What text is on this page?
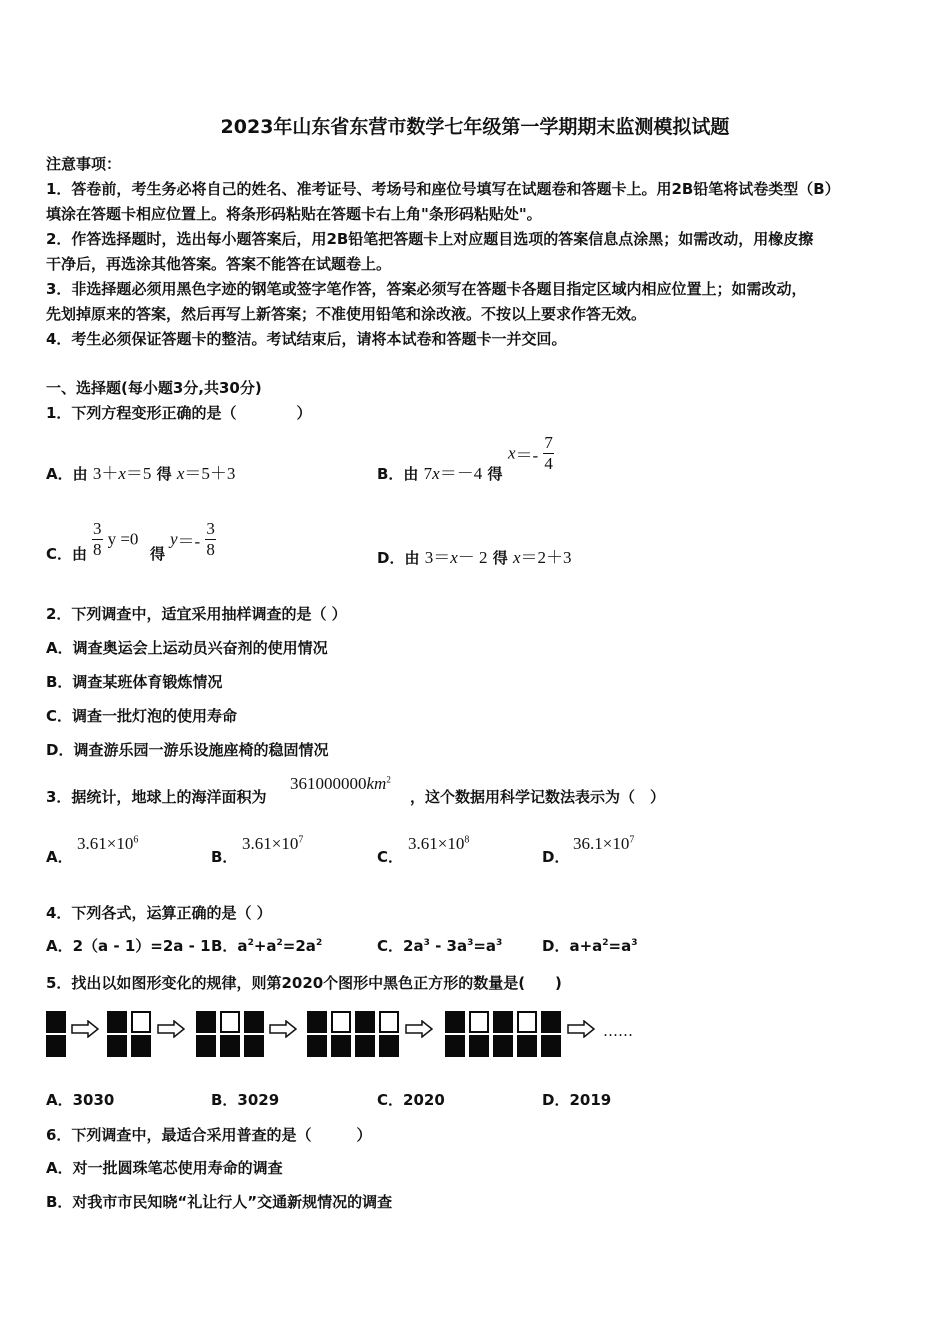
2023年山东省东营市数学七年级第一学期期末监测模拟试题
注意事项：
1．答卷前，考生务必将自己的姓名、准考证号、考场号和座位号填写在试题卷和答题卡上。用2B铅笔将试卷类型（B）
填涂在答题卡相应位置上。将条形码粘贴在答题卡右上角"条形码粘贴处"。
2．作答选择题时，选出每小题答案后，用2B铅笔把答题卡上对应题目选项的答案信息点涂黑；如需改动，用橡皮擦
干净后，再选涂其他答案。答案不能答在试题卷上。
3．非选择题必须用黑色字迹的钢笔或签字笔作答，答案必须写在答题卡各题目指定区域内相应位置上；如需改动，
先划掉原来的答案，然后再写上新答案；不准使用铅笔和涂改液。不按以上要求作答无效。
4．考生必须保证答题卡的整洁。考试结束后，请将本试卷和答题卡一并交回。
一、选择题(每小题3分,共30分)
1．下列方程变形正确的是（　　　　）
A．由 3＋x＝5 得 x＝5＋3	B．由 7x＝－4 得
$x=- \frac{7}{4}$
C．由 $\frac{3}{8}$ y =0
得
$y=- \frac{3}{8}$	D．由 3＝x－ 2 得 x＝2＋3
2．下列调查中，适宜采用抽样调查的是（ ）
A．调查奥运会上运动员兴奋剂的使用情况
B．调查某班体育锻炼情况
C．调查一批灯泡的使用寿命
D．调查游乐园一游乐设施座椅的稳固情况
3．据统计，地球上的海洋面积为
$361000000km^2$
，这个数据用科学记数法表示为（　）
A．
$3.61\times 10^6$
B．
$3.61\times 10^7$
C．
$3.61\times 10^8$
D．
$36.1\times 10^7$
4．下列各式，运算正确的是（ ）
A．2（a - 1）=2a - 1 B．$a^2+a^2=2a^2$	C．$2a^3 - 3a^3=a^3$	D．$a+a^2=a^3$
5．找出以如图形变化的规律，则第2020个图形中黑色正方形的数量是(　　)
……
A．3030	B．3029	C．2020	D．2019
6．下列调查中，最适合采用普查的是（　　　）
A．对一批圆珠笔芯使用寿命的调查
B．对我市市民知晓“礼让行人”交通新规情况的调查
